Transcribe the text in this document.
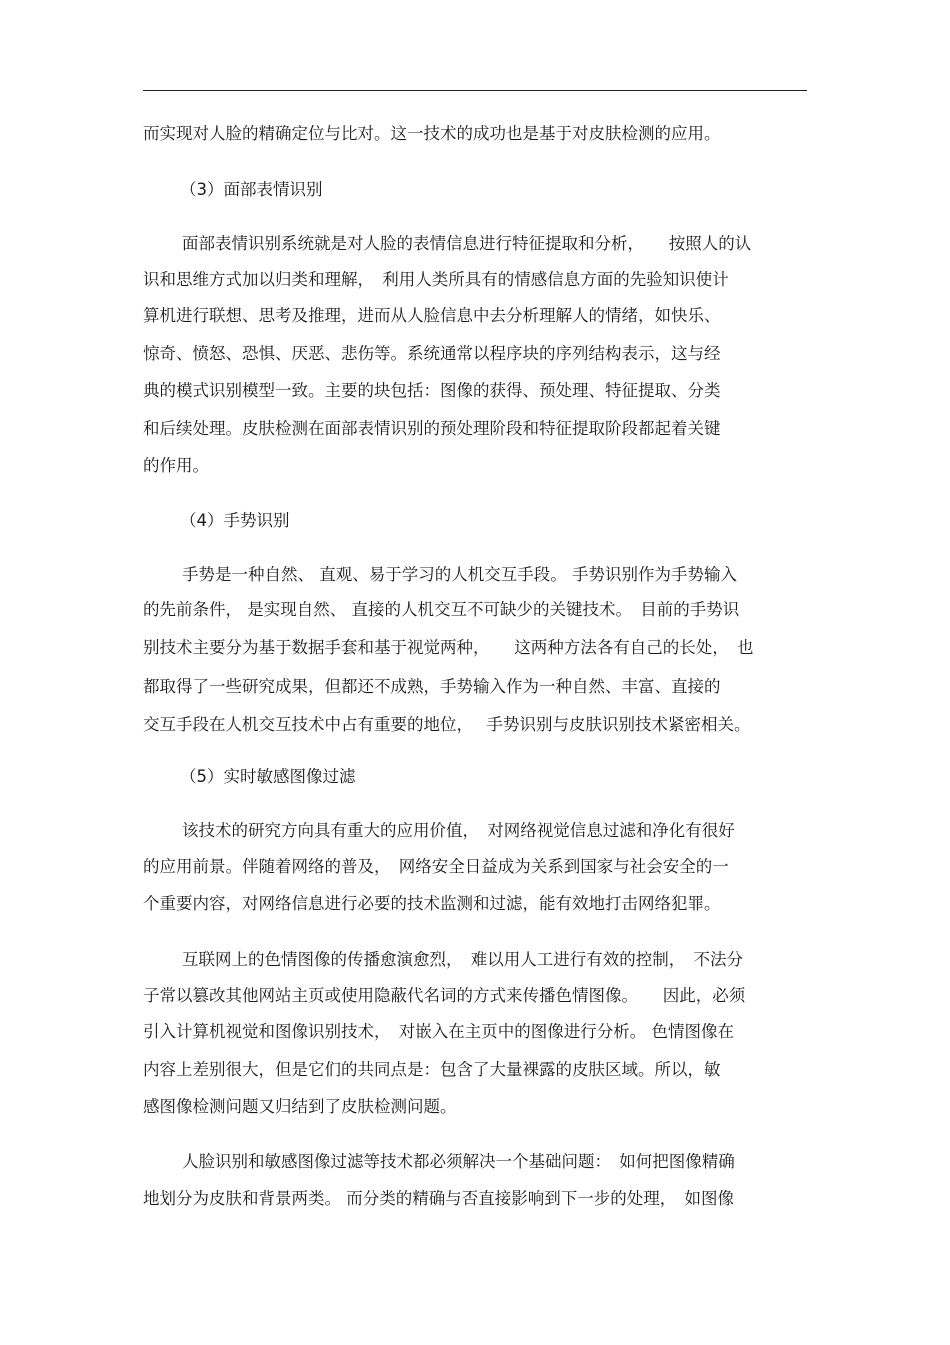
而实现对人脸的精确定位与比对。这一技术的成功也是基于对皮肤检测的应用。
（3）面部表情识别
面部表情识别系统就是对人脸的表情信息进行特征提取和分析，　　按照人的认
识和思维方式加以归类和理解，　利用人类所具有的情感信息方面的先验知识使计
算机进行联想、思考及推理，进而从人脸信息中去分析理解人的情绪，如快乐、
惊奇、愤怒、恐惧、厌恶、悲伤等。系统通常以程序块的序列结构表示，这与经
典的模式识别模型一致。主要的块包括：图像的获得、预处理、特征提取、分类
和后续处理。皮肤检测在面部表情识别的预处理阶段和特征提取阶段都起着关键
的作用。
（4）手势识别
手势是一种自然、 直观、易于学习的人机交互手段。 手势识别作为手势输入
的先前条件， 是实现自然、 直接的人机交互不可缺少的关键技术。　目前的手势识
别技术主要分为基于数据手套和基于视觉两种，　　这两种方法各有自己的长处，　也
都取得了一些研究成果，但都还不成熟，手势输入作为一种自然、丰富、直接的
交互手段在人机交互技术中占有重要的地位，　 手势识别与皮肤识别技术紧密相关。
（5）实时敏感图像过滤
该技术的研究方向具有重大的应用价值，　对网络视觉信息过滤和净化有很好
的应用前景。伴随着网络的普及，　网络安全日益成为关系到国家与社会安全的一
个重要内容，对网络信息进行必要的技术监测和过滤，能有效地打击网络犯罪。
互联网上的色情图像的传播愈演愈烈，　难以用人工进行有效的控制，　不法分
子常以篡改其他网站主页或使用隐蔽代名词的方式来传播色情图像。　　因此，必须
引入计算机视觉和图像识别技术，　对嵌入在主页中的图像进行分析。 色情图像在
内容上差别很大，但是它们的共同点是：包含了大量裸露的皮肤区域。所以，敏
感图像检测问题又归结到了皮肤检测问题。
人脸识别和敏感图像过滤等技术都必须解决一个基础问题：　如何把图像精确
地划分为皮肤和背景两类。 而分类的精确与否直接影响到下一步的处理，　如图像
